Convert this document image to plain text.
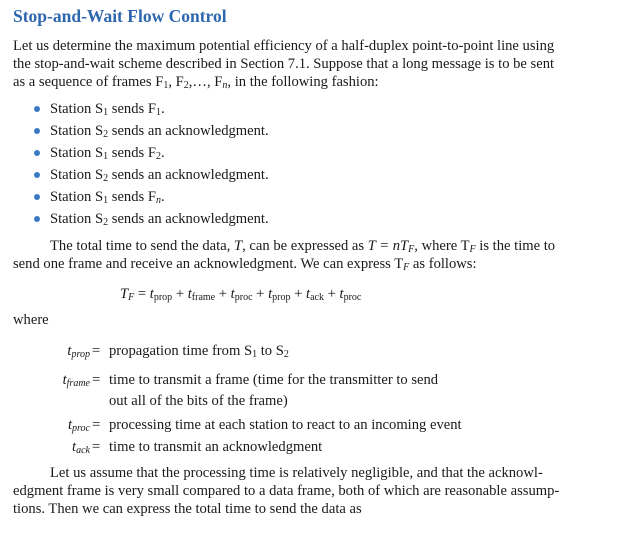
Stop-and-Wait Flow Control
Let us determine the maximum potential efficiency of a half-duplex point-to-point line using
the stop-and-wait scheme described in Section 7.1. Suppose that a long message is to be sent
as a sequence of frames $F_1$, $F_2,\dots$, $F_n$, in the following fashion:
Station $S_1$ sends $F_1$.
Station $S_2$ sends an acknowledgment.
Station $S_1$ sends $F_2$.
Station $S_2$ sends an acknowledgment.
Station $S_1$ sends $F_n$.
Station $S_2$ sends an acknowledgment.
The total time to send the data, T, can be expressed as $T = nT_F$, where $T_F$ is the time to
send one frame and receive an acknowledgment. We can express $T_F$ as follows:
$T_F = t_{prop} + t_{frame} + t_{proc} + t_{prop} + t_{ack} + t_{proc}$
where
$t_{prop}$ = propagation time from $S_1$ to $S_2$
$t_{frame}$ = time to transmit a frame (time for the transmitter to send
out all of the bits of the frame)
$t_{proc}$ = processing time at each station to react to an incoming event
$t_{ack}$ = time to transmit an acknowledgment
Let us assume that the processing time is relatively negligible, and that the acknowl-
edgment frame is very small compared to a data frame, both of which are reasonable assump-
tions. Then we can express the total time to send the data as
